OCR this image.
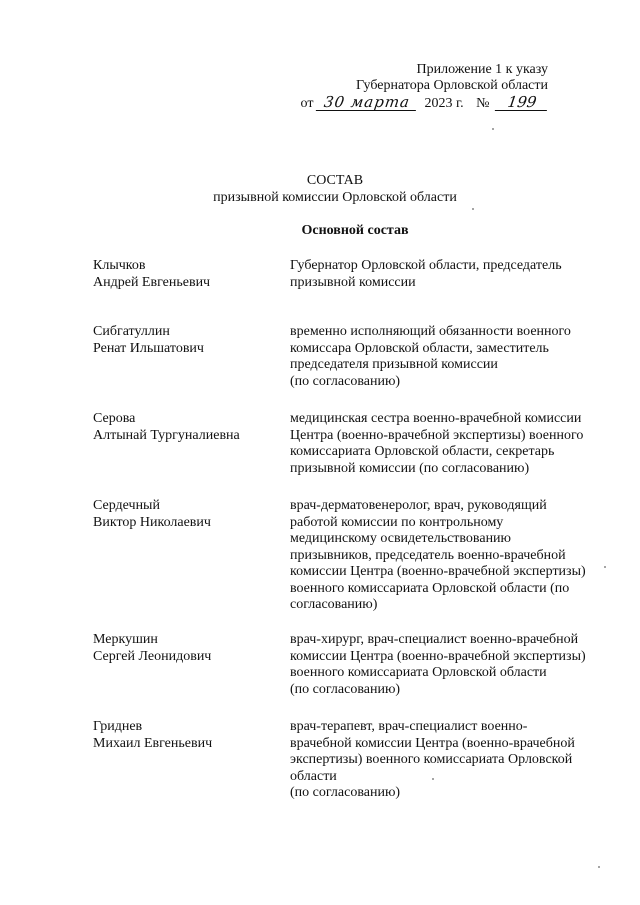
Приложение 1 к указу
Губернатора Орловской области
от 30 марта 2023 г. № 199
СОСТАВ
призывной комиссии Орловской области
Основной состав
Клычков
Андрей Евгеньевич
Губернатор Орловской области, председатель
призывной комиссии
Сибгатуллин
Ренат Ильшатович
временно исполняющий обязанности военного
комиссара Орловской области, заместитель
председателя призывной комиссии
(по согласованию)
Серова
Алтынай Тургуналиевна
медицинская сестра военно-врачебной комиссии
Центра (военно-врачебной экспертизы) военного
комиссариата Орловской области, секретарь
призывной комиссии (по согласованию)
Сердечный
Виктор Николаевич
врач-дерматовенеролог, врач, руководящий
работой комиссии по контрольному
медицинскому освидетельствованию
призывников, председатель военно-врачебной
комиссии Центра (военно-врачебной экспертизы)
военного комиссариата Орловской области (по
согласованию)
Меркушин
Сергей Леонидович
врач-хирург, врач-специалист военно-врачебной
комиссии Центра (военно-врачебной экспертизы)
военного комиссариата Орловской области
(по согласованию)
Гриднев
Михаил Евгеньевич
врач-терапевт, врач-специалист военно-
врачебной комиссии Центра (военно-врачебной
экспертизы) военного комиссариата Орловской
области
(по согласованию)
